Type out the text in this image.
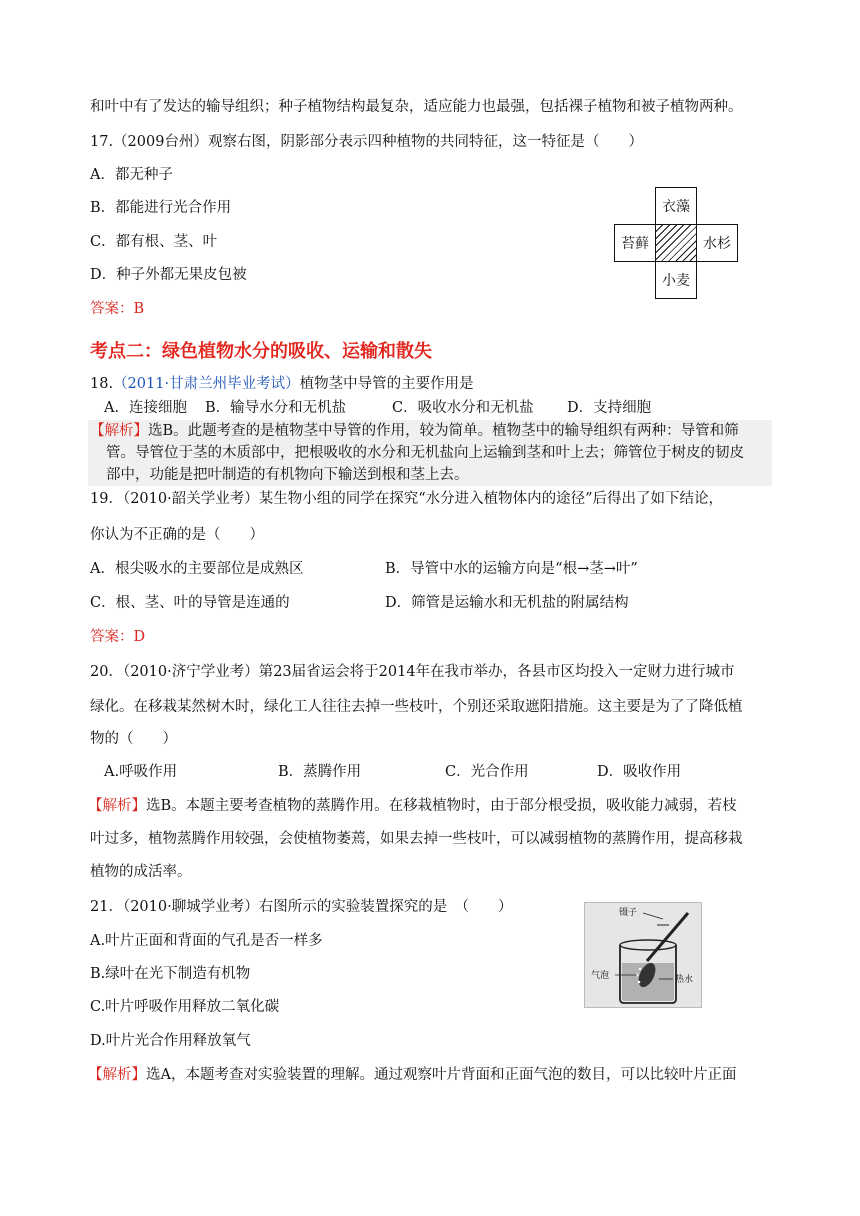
和叶中有了发达的输导组织；种子植物结构最复杂，适应能力也最强，包括裸子植物和被子植物两种。
17.（2009台州）观察右图，阴影部分表示四种植物的共同特征，这一特征是（　　）
A．都无种子
B．都能进行光合作用
C．都有根、茎、叶
D．种子外都无果皮包被
答案：B
衣藻
苔藓	水杉
小麦
考点二：绿色植物水分的吸收、运输和散失
18.（2011·甘肃兰州毕业考试）植物茎中导管的主要作用是
A．连接细胞 B．输导水分和无机盐	C．吸收水分和无机盐 D．支持细胞

【解析】选B。此题考查的是植物茎中导管的作用，较为简单。植物茎中的输导组织有两种：导管和筛

管。导管位于茎的木质部中，把根吸收的水分和无机盐向上运输到茎和叶上去；筛管位于树皮的韧皮

部中，功能是把叶制造的有机物向下输送到根和茎上去。

19．（2010·韶关学业考）某生物小组的同学在探究“水分进入植物体内的途径”后得出了如下结论，
你认为不正确的是（　　）
A．根尖吸水的主要部位是成熟区	B．导管中水的运输方向是“根→茎→叶”
C．根、茎、叶的导管是连通的	D．筛管是运输水和无机盐的附属结构
答案：D
20．（2010·济宁学业考）第23届省运会将于2014年在我市举办，各县市区均投入一定财力进行城市
绿化。在移栽某然树木时，绿化工人往往去掉一些枝叶，个别还采取遮阳措施。这主要是为了了降低植
物的（　　）
A.呼吸作用	B．蒸腾作用	C．光合作用	D．吸收作用
【解析】选B。本题主要考查植物的蒸腾作用。在移栽植物时，由于部分根受损，吸收能力减弱，若枝
叶过多，植物蒸腾作用较强，会使植物萎蔫，如果去掉一些枝叶，可以减弱植物的蒸腾作用，提高移栽
植物的成活率。
21．（2010·聊城学业考）右图所示的实验装置探究的是　（　　）
A.叶片正面和背面的气孔是否一样多
B.绿叶在光下制造有机物
C.叶片呼吸作用释放二氧化碳
D.叶片光合作用释放氧气
【解析】选A，本题考查对实验装置的理解。通过观察叶片背面和正面气泡的数目，可以比较叶片正面
镊子
气泡	热水
